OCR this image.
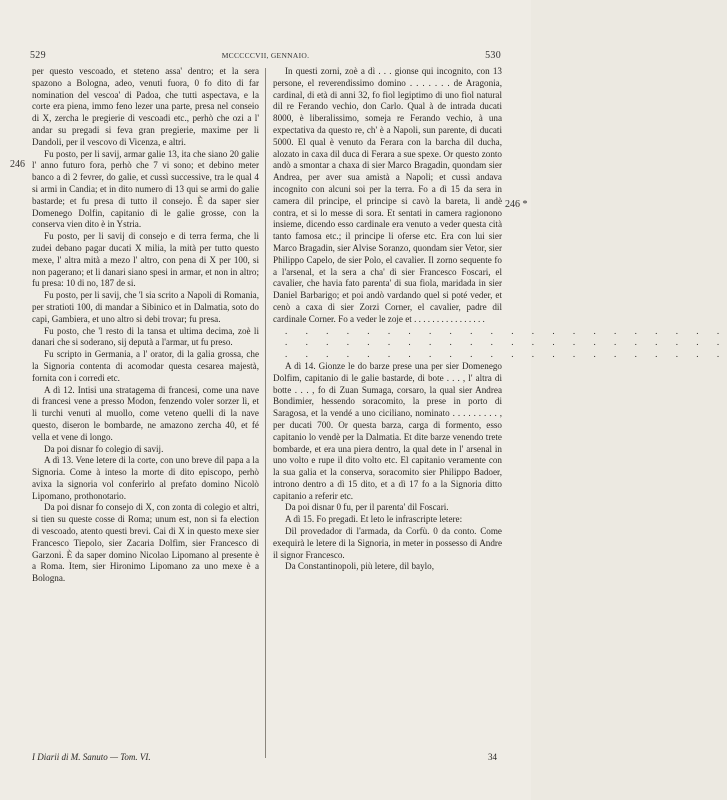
529	MCCCCCVII, GENNAIO.	530
246
246 *

per questo vescoado, et steteno assa' dentro; et la sera spazono a Bologna, adeo, venuti fuora, 0 fo dito di far nomination del vescoa' di Padoa, che tutti aspectava, e la corte era piena, immo feno lezer una parte, presa nel conseio di X, zercha le pregierie di vescoadi etc., perhò che ozi a l' andar su pregadi si feva gran pregierie, maxime per li Dandoli, per il vescovo di Vicenza, e altri.

Fu posto, per li savij, armar galie 13, ita che siano 20 galie l' anno futuro fora, perhò che 7 vi sono; et debino meter banco a dì 2 fevrer, do galie, et cussì successive, tra le qual 4 si armi in Candia; et in dito numero di 13 qui se armi do galie bastarde; et fu presa di tutto il consejo. È da saper sier Domenego Dolfin, capitanio di le galie grosse, con la conserva vien dito è in Ystria.

Fu posto, per li savij di consejo e di terra ferma, che li zudei debano pagar ducati X milia, la mità per tutto questo mexe, l' altra mità a mezo l' altro, con pena di X per 100, si non pagerano; et li danari siano spesi in armar, et non in altro; fu presa: 10 di no, 187 de si.

Fu posto, per li savij, che 'l sia scrito a Napoli di Romania, per stratioti 100, di mandar a Sibinico et in Dalmatia, soto do capi, Gambiera, et uno altro si debi trovar; fu presa.

Fu posto, che 'l resto di la tansa et ultima decima, zoè li danari che si soderano, sij deputà a l'armar, ut fu preso.

Fu scripto in Germania, a l' orator, di la galia grossa, che la Signoria contenta di acomodar questa cesarea majestà, fornita con i corredi etc.

A dì 12. Intisi una stratagema di francesi, come una nave di francesi vene a presso Modon, fenzendo voler sorzer lì, et li turchi venuti al muollo, come veteno quelli di la nave questo, diseron le bombarde, ne amazono zercha 40, et fé vella et vene di longo.

Da poi disnar fo colegio di savij.

A dì 13. Vene letere di la corte, con uno breve dil papa a la Signoria. Come à inteso la morte di dito episcopo, perhò avixa la signoria vol conferirlo al prefato domino Nicolò Lipomano, prothonotario.

Da poi disnar fo consejo di X, con zonta di colegio et altri, si tien su queste cosse di Roma; unum est, non si fa election di vescoado, atento questi brevi. Cai di X in questo mexe sier Francesco Tiepolo, sier Zacaria Dolfim, sier Francesco di Garzoni. È da saper domino Nicolao Lipomano al presente è a Roma. Item, sier Hironimo Lipomano za uno mexe è a Bologna.

In questi zorni, zoè a dì . . . gionse qui incognito, con 13 persone, el reverendissimo domino . . . . . . . de Aragonia, cardinal, di età di anni 32, fo fiol legiptimo di uno fiol natural dil re Ferando vechio, don Carlo. Qual à de intrada ducati 8000, è liberalissimo, someja re Ferando vechio, à una expectativa da questo re, ch' è a Napoli, sun parente, di ducati 5000. El qual è venuto da Ferara con la barcha dil ducha, alozato in caxa dil duca di Ferara a sue spexe. Or questo zonto andò a smontar a chaxa di sier Marco Bragadin, quondam sier Andrea, per aver sua amistà a Napoli; et cussì andava incognito con alcuni soi per la terra. Fo a dì 15 da sera in camera dil principe, el principe si cavò la bareta, li andè contra, et si lo messe di sora. Et sentati in camera ragionono insieme, dicendo esso cardinale era venuto a veder questa cità tanto famosa etc.; il principe li oferse etc. Era con lui sier Marco Bragadin, sier Alvise Soranzo, quondam sier Vetor, sier Philippo Capelo, de sier Polo, el cavalier. Il zorno sequente fo a l'arsenal, et la sera a cha' di sier Francesco Foscari, el cavalier, che havia fato parenta' di sua fiola, maridada in sier Daniel Barbarigo; et poi andò vardando quel si poté veder, et cenò a caxa di sier Zorzi Corner, el cavalier, padre dil cardinale Corner. Fo a veder le zoje et . . . . . . . . . . . . . . . .

. . . . . . . . . . . . . . . . . . . . . .

. . . . . . . . . . . . . . . . . . . . . .

. . . . . . . . . . . . . . . . . . . . . .

A dì 14. Gionze le do barze prese una per sier Domenego Dolfim, capitanio di le galie bastarde, di bote . . . , l' altra di botte . . . , fo di Zuan Sumaga, corsaro, la qual sier Andrea Bondimier, hessendo soracomito, la prese in porto di Saragosa, et la vendé a uno ciciliano, nominato . . . . . . . . . , per ducati 700. Or questa barza, carga di formento, esso capitanio lo vendè per la Dalmatia. Et dite barze venendo trete bombarde, et era una piera dentro, la qual dete in l' arsenal in uno volto e rupe il dito volto etc. El capitanio veramente con la sua galia et la conserva, soracomito sier Philippo Badoer, introno dentro a dì 15 dito, et a dì 17 fo a la Signoria ditto capitanio a referir etc.

Da poi disnar 0 fu, per il parenta' dil Foscari.

A dì 15. Fo pregadi. Et leto le infrascripte letere:

Dil provedador di l'armada, da Corfù. 0 da conto. Come exequirà le letere di la Signoria, in meter in possesso di Andre il signor Francesco.

Da Constantinopoli, più letere, dil baylo,

I Diarii di M. Sanuto — Tom. VI.	34
